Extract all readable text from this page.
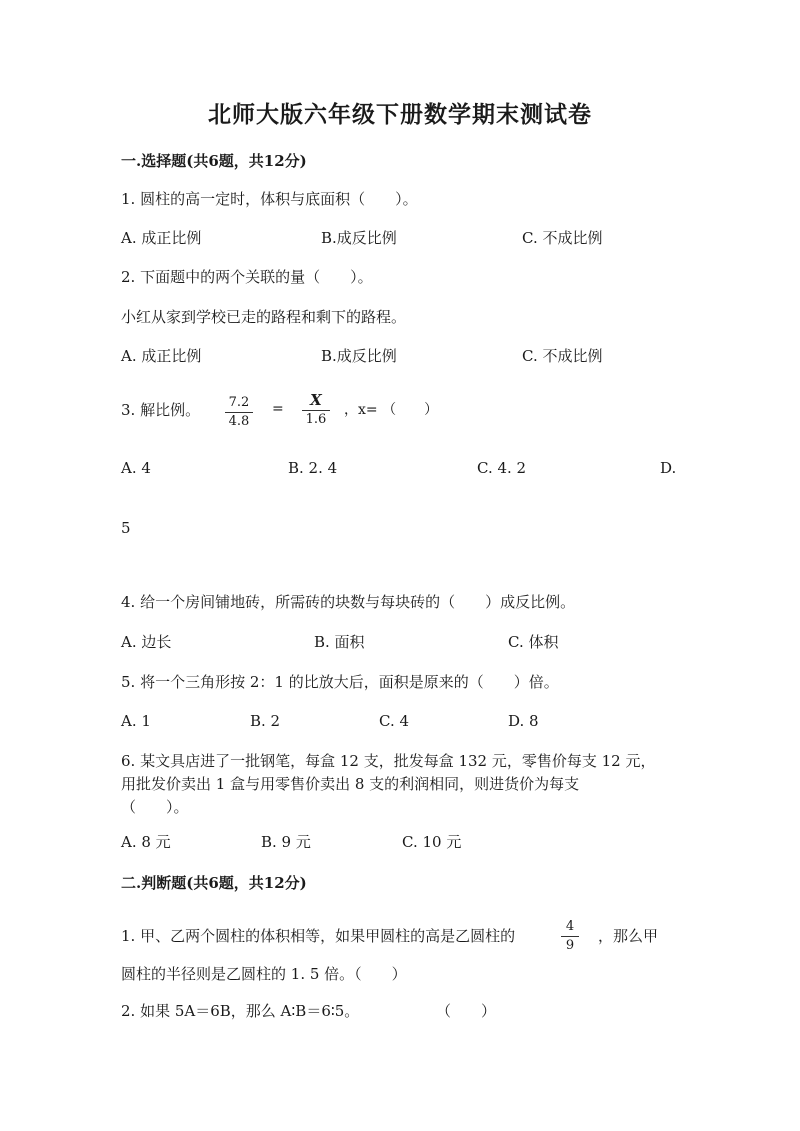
北师大版六年级下册数学期末测试卷
一.选择题(共6题，共12分)
1. 圆柱的高一定时，体积与底面积（　　）。
A. 成正比例	B.成反比例	C. 不成比例
2. 下面题中的两个关联的量（　　）。
小红从家到学校已走的路程和剩下的路程。
A. 成正比例	B.成反比例	C. 不成比例
3. 解比例。 7.2
4.8
=	X
1.6
，x= （　　）
A. 4	B. 2. 4	C. 4. 2	D.
5
4. 给一个房间铺地砖，所需砖的块数与每块砖的（　　）成反比例。
A. 边长	B. 面积	C. 体积
5. 将一个三角形按 2：1 的比放大后，面积是原来的（　　）倍。
A. 1	B. 2	C. 4	D. 8
6. 某文具店进了一批钢笔，每盒 12 支，批发每盒 132 元，零售价每支 12 元，
用批发价卖出 1 盒与用零售价卖出 8 支的利润相同，则进货价为每支
（　　）。
A. 8 元	B. 9 元	C. 10 元
二.判断题(共6题，共12分)
1. 甲、乙两个圆柱的体积相等，如果甲圆柱的高是乙圆柱的
4
9
，那么甲
圆柱的半径则是乙圆柱的 1. 5 倍。（　　）
2. 如果 5A＝6B，那么 A∶B＝6∶5。	（　　）
